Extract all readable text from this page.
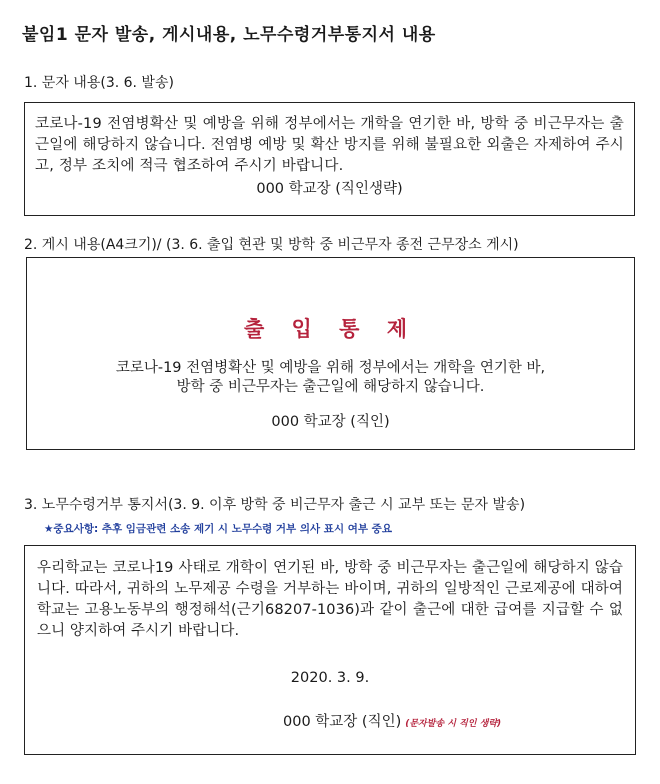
붙임1 문자 발송, 게시내용, 노무수령거부통지서 내용
1. 문자 내용(3. 6. 발송)

코로나-19 전염병확산 및 예방을 위해 정부에서는 개학을 연기한 바, 방학 중 비근무자는 출근일에 해당하지 않습니다. 전염병 예방 및 확산 방지를 위해 불필요한 외출은 자제하여 주시고, 정부 조치에 적극 협조하여 주시기 바랍니다.

000 학교장 (직인생략)

2. 게시 내용(A4크기)/ (3. 6. 출입 현관 및 방학 중 비근무자 종전 근무장소 게시)

출 입 통 제

코로나-19 전염병확산 및 예방을 위해 정부에서는 개학을 연기한 바,

방학 중 비근무자는 출근일에 해당하지 않습니다.

000 학교장 (직인)

3. 노무수령거부 통지서(3. 9. 이후 방학 중 비근무자 출근 시 교부 또는 문자 발송)
★중요사항: 추후 임금관련 소송 제기 시 노무수령 거부 의사 표시 여부 중요

우리학교는 코로나19 사태로 개학이 연기된 바, 방학 중 비근무자는 출근일에 해당하지 않습니다. 따라서, 귀하의 노무제공 수령을 거부하는 바이며, 귀하의 일방적인 근로제공에 대하여 학교는 고용노동부의 행정해석(근기68207-1036)과 같이 출근에 대한 급여를 지급할 수 없으니 양지하여 주시기 바랍니다.

2020. 3. 9.

000 학교장 (직인) (문자발송 시 직인 생략)
